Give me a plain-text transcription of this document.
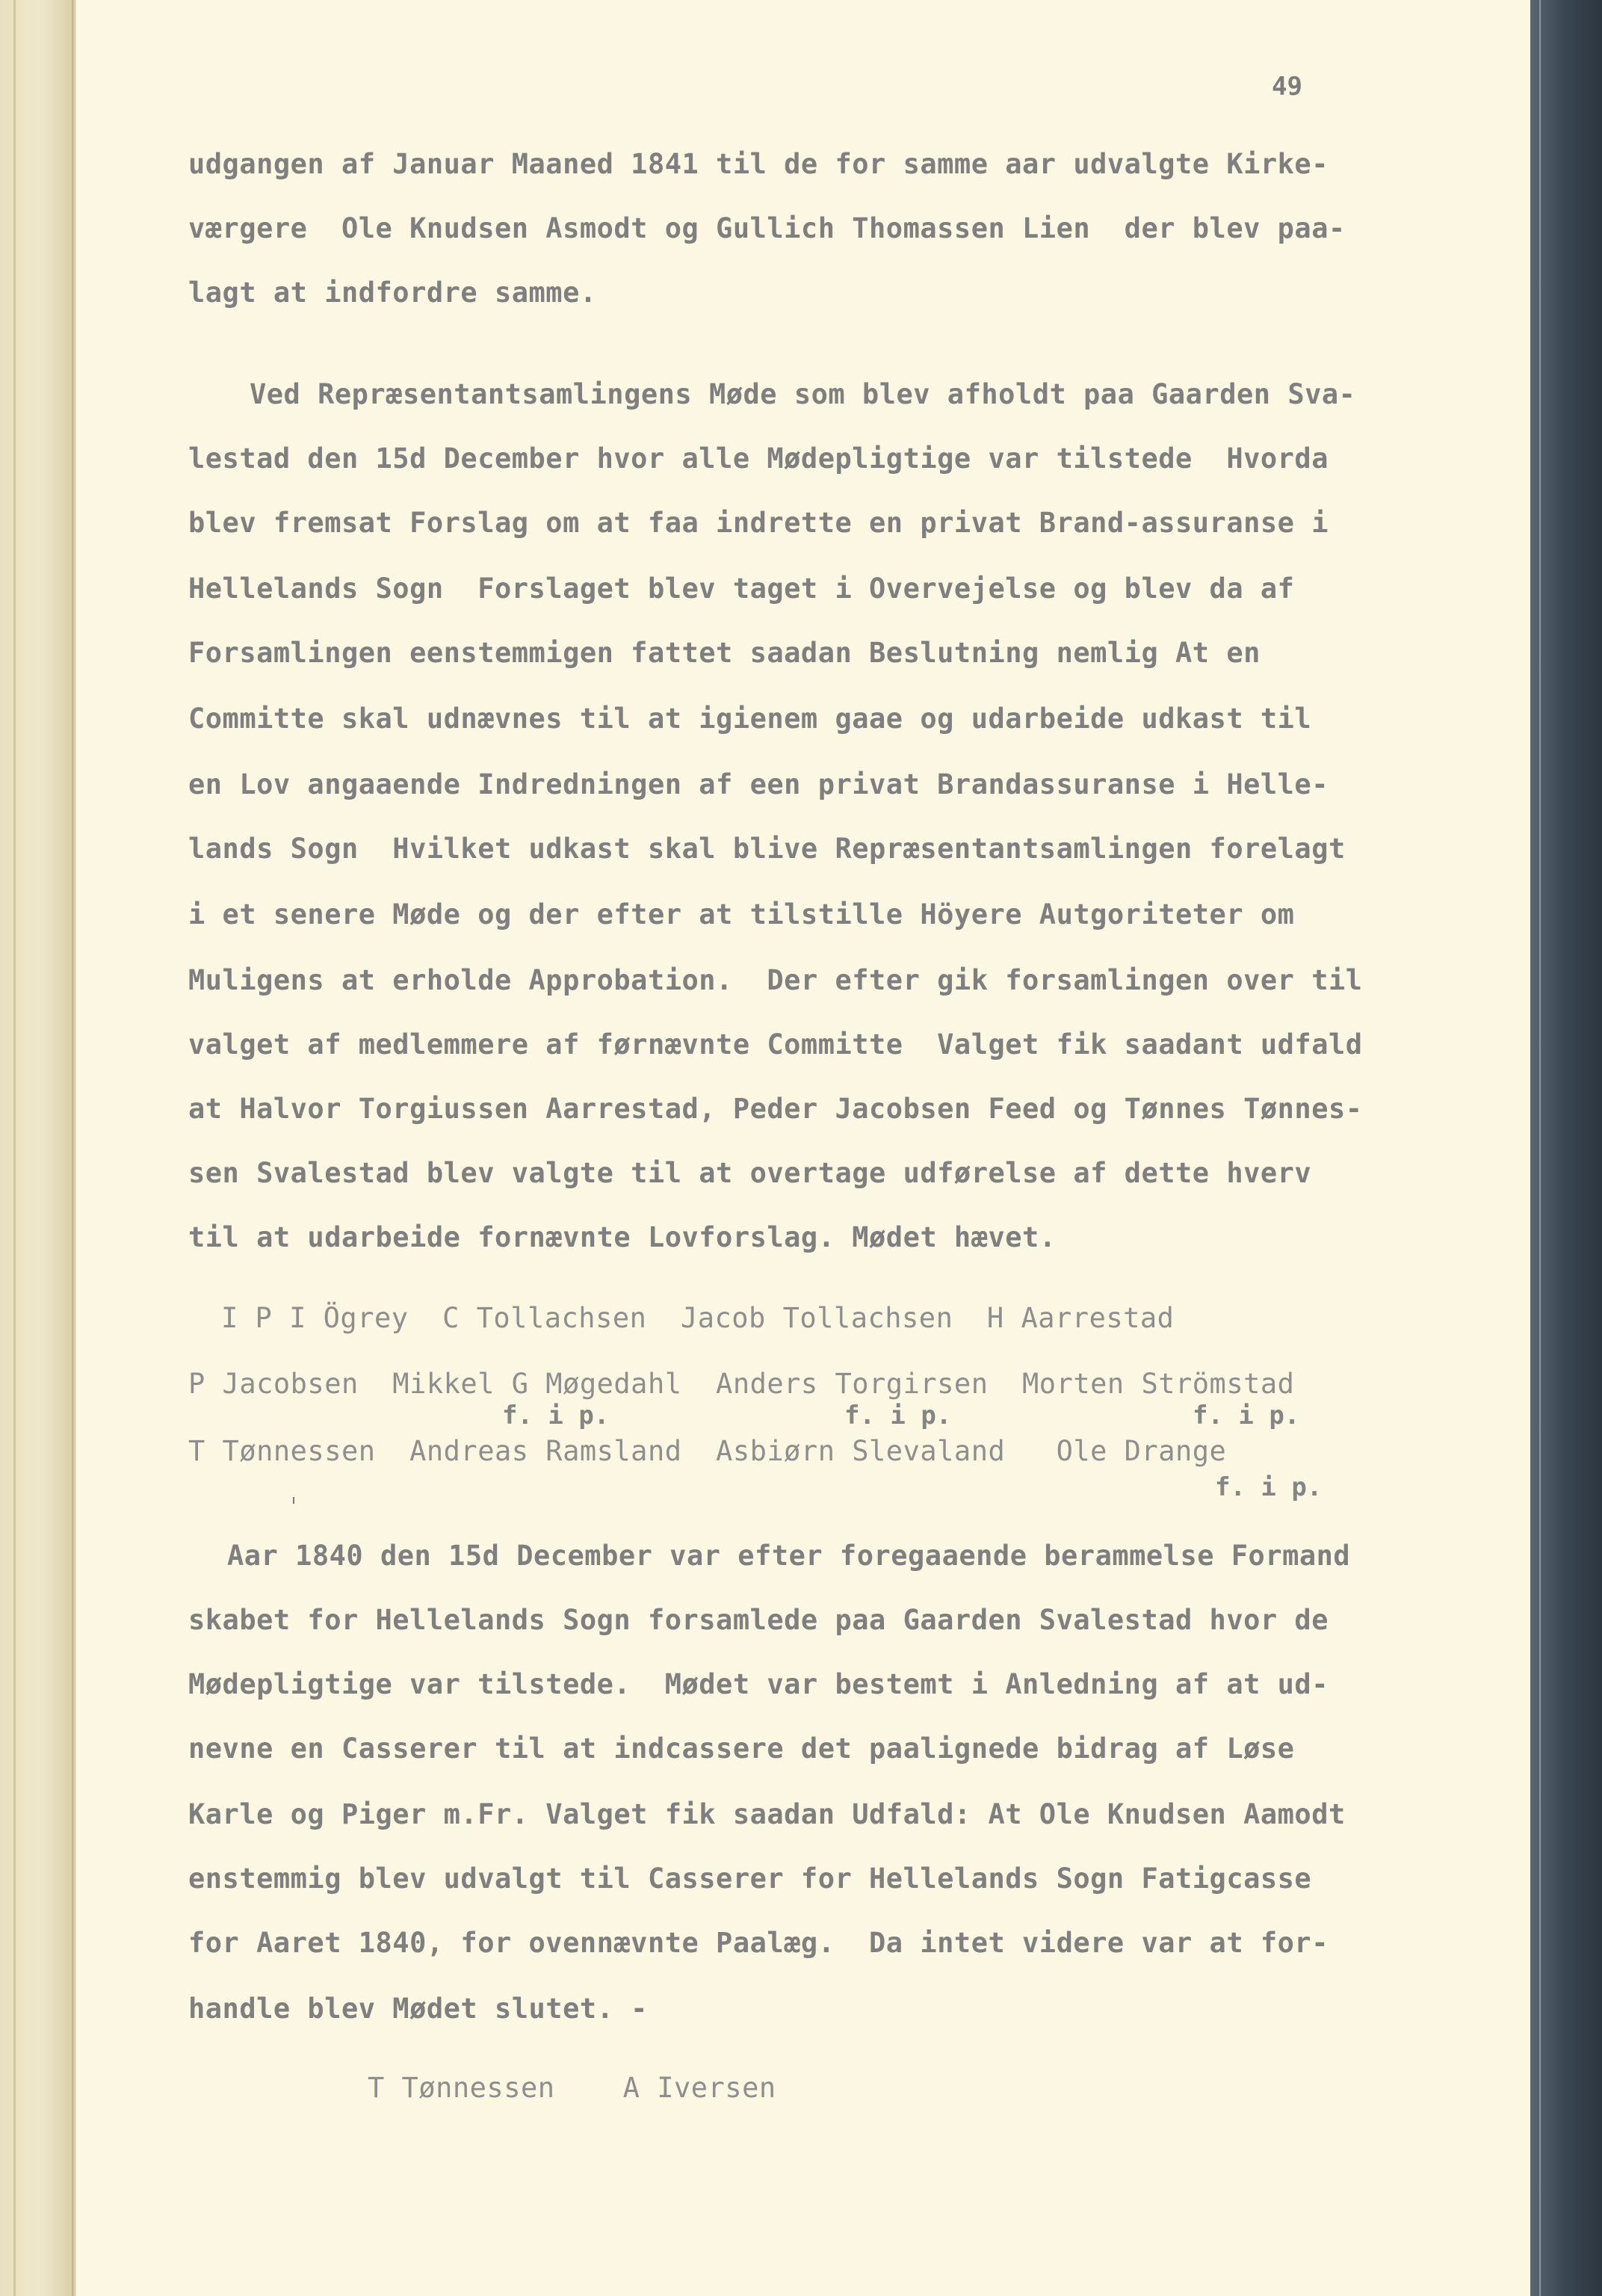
49
udgangen af Januar Maaned 1841 til de for samme aar udvalgte Kirke-
værgere  Ole Knudsen Asmodt og Gullich Thomassen Lien  der blev paa-
lagt at indfordre samme.
Ved Repræsentantsamlingens Møde som blev afholdt paa Gaarden Sva-
lestad den 15d December hvor alle Mødepligtige var tilstede  Hvorda
blev fremsat Forslag om at faa indrette en privat Brand-assuranse i
Hellelands Sogn  Forslaget blev taget i Overvejelse og blev da af
Forsamlingen eenstemmigen fattet saadan Beslutning nemlig At en
Committe skal udnævnes til at igienem gaae og udarbeide udkast til
en Lov angaaende Indredningen af een privat Brandassuranse i Helle-
lands Sogn  Hvilket udkast skal blive Repræsentantsamlingen forelagt
i et senere Møde og der efter at tilstille Höyere Autgoriteter om
Muligens at erholde Approbation.  Der efter gik forsamlingen over til
valget af medlemmere af førnævnte Committe  Valget fik saadant udfald
at Halvor Torgiussen Aarrestad, Peder Jacobsen Feed og Tønnes Tønnes-
sen Svalestad blev valgte til at overtage udførelse af dette hverv
til at udarbeide fornævnte Lovforslag. Mødet hævet.
I P I Ögrey  C Tollachsen  Jacob Tollachsen  H Aarrestad
P Jacobsen  Mikkel G Møgedahl  Anders Torgirsen  Morten Strömstad
f. i p.	f. i p.	f. i p.
T Tønnessen  Andreas Ramsland  Asbiørn Slevaland   Ole Drange
f. i p.
Aar 1840 den 15d December var efter foregaaende berammelse Formand
skabet for Hellelands Sogn forsamlede paa Gaarden Svalestad hvor de
Mødepligtige var tilstede.  Mødet var bestemt i Anledning af at ud-
nevne en Casserer til at indcassere det paalignede bidrag af Løse
Karle og Piger m.Fr. Valget fik saadan Udfald: At Ole Knudsen Aamodt
enstemmig blev udvalgt til Casserer for Hellelands Sogn Fatigcasse
for Aaret 1840, for ovennævnte Paalæg.  Da intet videre var at for-
handle blev Mødet slutet. -
T Tønnessen    A Iversen
